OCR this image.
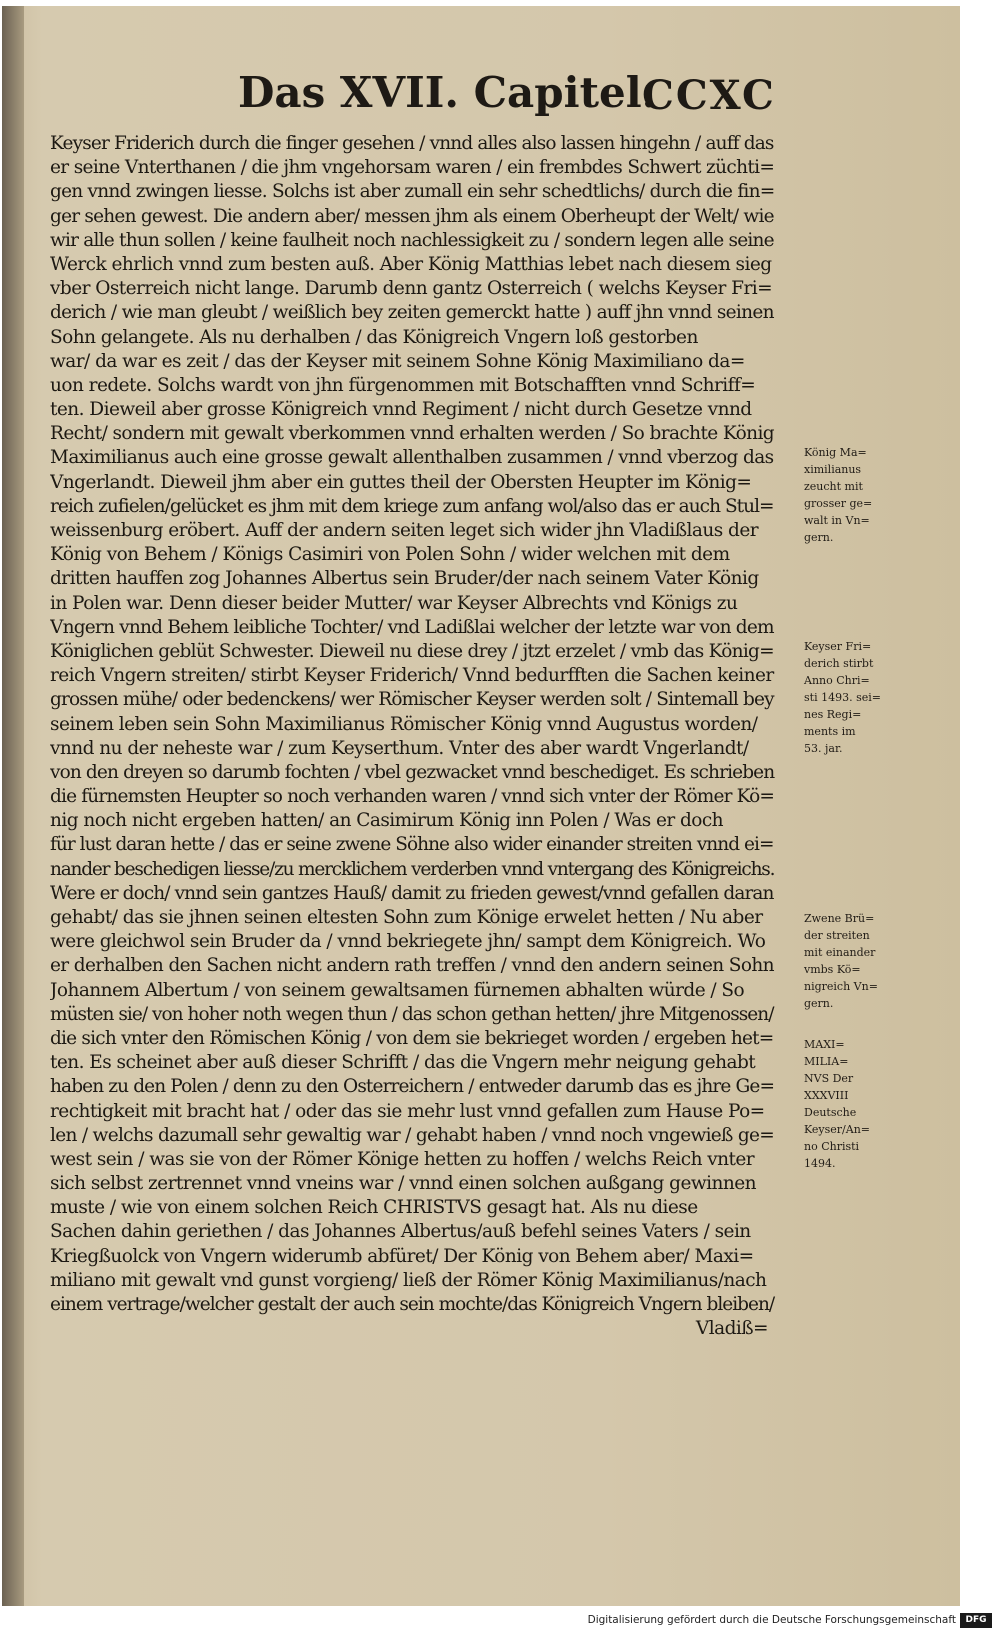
Das XVII. Capitel.
CCXC
Keyser Friderich durch die finger gesehen / vnnd alles also lassen hingehn / auff das
er seine Vnterthanen / die jhm vngehorsam waren / ein frembdes Schwert züchti=
gen vnnd zwingen liesse. Solchs ist aber zumall ein sehr schedtlichs/ durch die fin=
ger sehen gewest. Die andern aber/ messen jhm als einem Oberheupt der Welt/ wie
wir alle thun sollen / keine faulheit noch nachlessigkeit zu / sondern legen alle seine
Werck ehrlich vnnd zum besten auß. Aber König Matthias lebet nach diesem sieg
vber Osterreich nicht lange. Darumb denn gantz Osterreich ( welchs Keyser Fri=
derich / wie man gleubt / weißlich bey zeiten gemerckt hatte ) auff jhn vnnd seinen
Sohn gelangete. Als nu derhalben / das Königreich Vngern loß gestorben
war/ da war es zeit / das der Keyser mit seinem Sohne König Maximiliano da=
uon redete. Solchs wardt von jhn fürgenommen mit Botschafften vnnd Schriff=
ten. Dieweil aber grosse Königreich vnnd Regiment / nicht durch Gesetze vnnd
Recht/ sondern mit gewalt vberkommen vnnd erhalten werden / So brachte König
Maximilianus auch eine grosse gewalt allenthalben zusammen / vnnd vberzog das
Vngerlandt. Dieweil jhm aber ein guttes theil der Obersten Heupter im König=
reich zufielen/gelücket es jhm mit dem kriege zum anfang wol/also das er auch Stul=
weissenburg eröbert. Auff der andern seiten leget sich wider jhn Vladißlaus der
König von Behem / Königs Casimiri von Polen Sohn / wider welchen mit dem
dritten hauffen zog Johannes Albertus sein Bruder/der nach seinem Vater König
in Polen war. Denn dieser beider Mutter/ war Keyser Albrechts vnd Königs zu
Vngern vnnd Behem leibliche Tochter/ vnd Ladißlai welcher der letzte war von dem
Königlichen geblüt Schwester. Dieweil nu diese drey / jtzt erzelet / vmb das König=
reich Vngern streiten/ stirbt Keyser Friderich/ Vnnd bedurfften die Sachen keiner
grossen mühe/ oder bedenckens/ wer Römischer Keyser werden solt / Sintemall bey
seinem leben sein Sohn Maximilianus Römischer König vnnd Augustus worden/
vnnd nu der neheste war / zum Keyserthum. Vnter des aber wardt Vngerlandt/
von den dreyen so darumb fochten / vbel gezwacket vnnd beschediget. Es schrieben
die fürnemsten Heupter so noch verhanden waren / vnnd sich vnter der Römer Kö=
nig noch nicht ergeben hatten/ an Casimirum König inn Polen / Was er doch
für lust daran hette / das er seine zwene Söhne also wider einander streiten vnnd ei=
nander beschedigen liesse/zu mercklichem verderben vnnd vntergang des Königreichs.
Were er doch/ vnnd sein gantzes Hauß/ damit zu frieden gewest/vnnd gefallen daran
gehabt/ das sie jhnen seinen eltesten Sohn zum Könige erwelet hetten / Nu aber
were gleichwol sein Bruder da / vnnd bekriegete jhn/ sampt dem Königreich. Wo
er derhalben den Sachen nicht andern rath treffen / vnnd den andern seinen Sohn
Johannem Albertum / von seinem gewaltsamen fürnemen abhalten würde / So
müsten sie/ von hoher noth wegen thun / das schon gethan hetten/ jhre Mitgenossen/
die sich vnter den Römischen König / von dem sie bekrieget worden / ergeben het=
ten. Es scheinet aber auß dieser Schrifft / das die Vngern mehr neigung gehabt
haben zu den Polen / denn zu den Osterreichern / entweder darumb das es jhre Ge=
rechtigkeit mit bracht hat / oder das sie mehr lust vnnd gefallen zum Hause Po=
len / welchs dazumall sehr gewaltig war / gehabt haben / vnnd noch vngewieß ge=
west sein / was sie von der Römer Könige hetten zu hoffen / welchs Reich vnter
sich selbst zertrennet vnnd vneins war / vnnd einen solchen außgang gewinnen
muste / wie von einem solchen Reich CHRISTVS gesagt hat. Als nu diese
Sachen dahin geriethen / das Johannes Albertus/auß befehl seines Vaters / sein
Kriegßuolck von Vngern widerumb abfüret/ Der König von Behem aber/ Maxi=
miliano mit gewalt vnd gunst vorgieng/ ließ der Römer König Maximilianus/nach
einem vertrage/welcher gestalt der auch sein mochte/das Königreich Vngern bleiben/
Vladiß=
König Ma=
ximilianus
zeucht mit
grosser ge=
walt in Vn=
gern.
Keyser Fri=
derich stirbt
Anno Chri=
sti 1493. sei=
nes Regi=
ments im
53. jar.
Zwene Brü=
der streiten
mit einander
vmbs Kö=
nigreich Vn=
gern.
MAXI=
MILIA=
NVS Der
XXXVIII
Deutsche
Keyser/An=
no Christi
1494.
Digitalisierung gefördert durch die Deutsche Forschungsgemeinschaft	DFG
